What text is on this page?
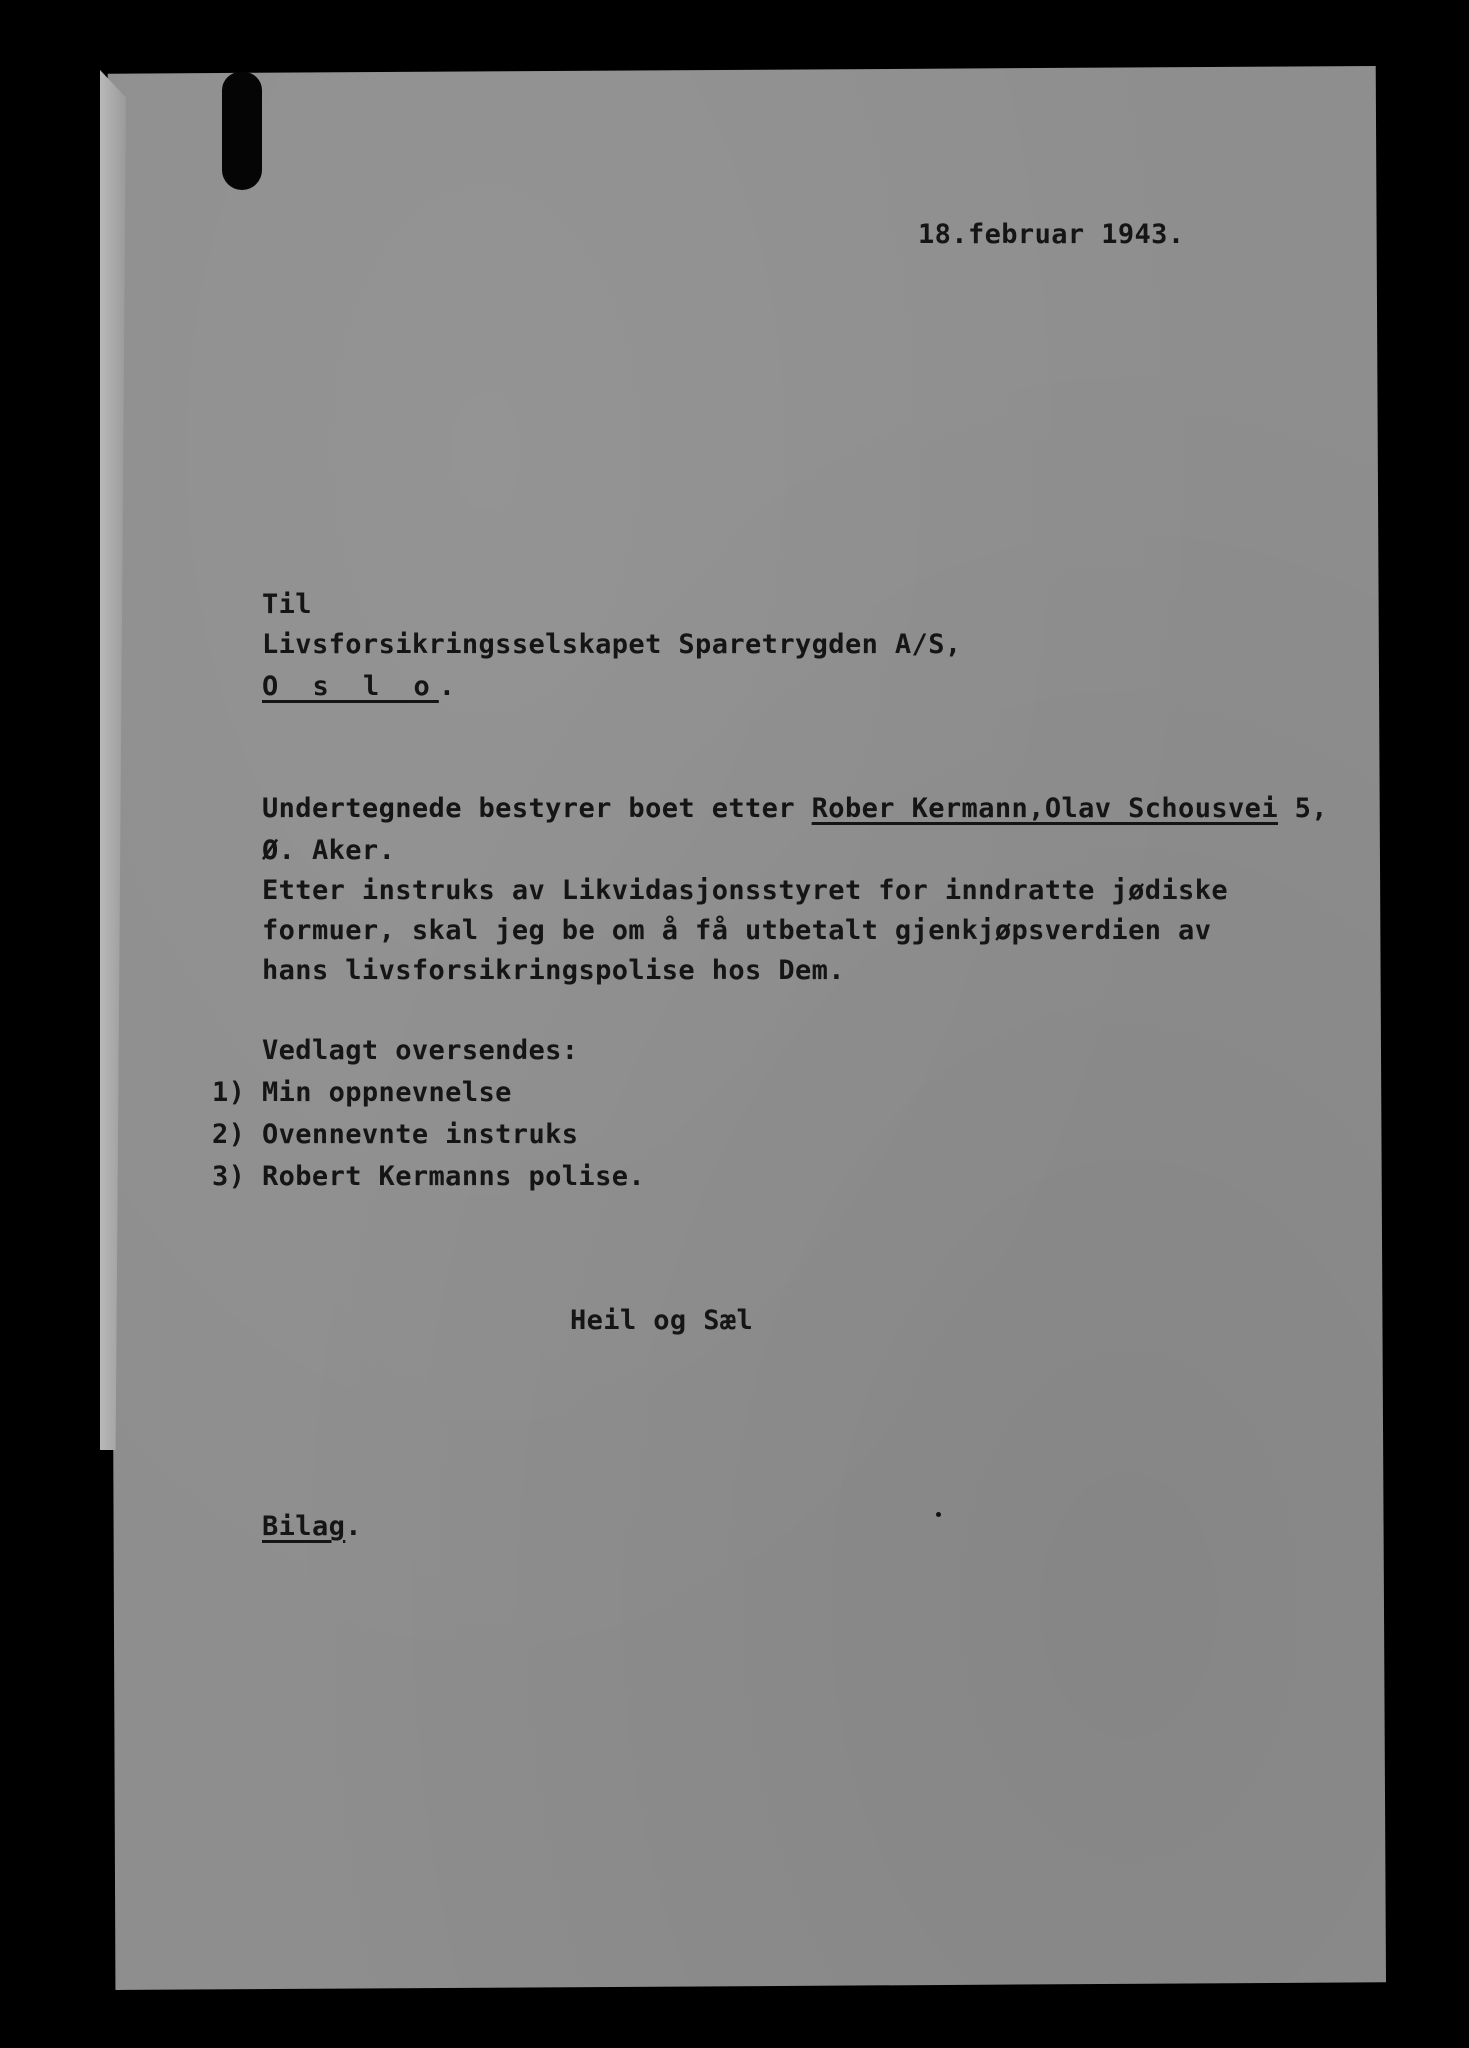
18.februar 1943.
Til
Livsforsikringsselskapet Sparetrygden A/S,
O s l o.
Undertegnede bestyrer boet etter Rober Kermann,Olav Schousvei 5,
Ø. Aker.
Etter instruks av Likvidasjonsstyret for inndratte jødiske
formuer, skal jeg be om å få utbetalt gjenkjøpsverdien av
hans livsforsikringspolise hos Dem.
Vedlagt oversendes:
1) Min oppnevnelse
2) Ovennevnte instruks
3) Robert Kermanns polise.
Heil og Sæl
Bilag.
